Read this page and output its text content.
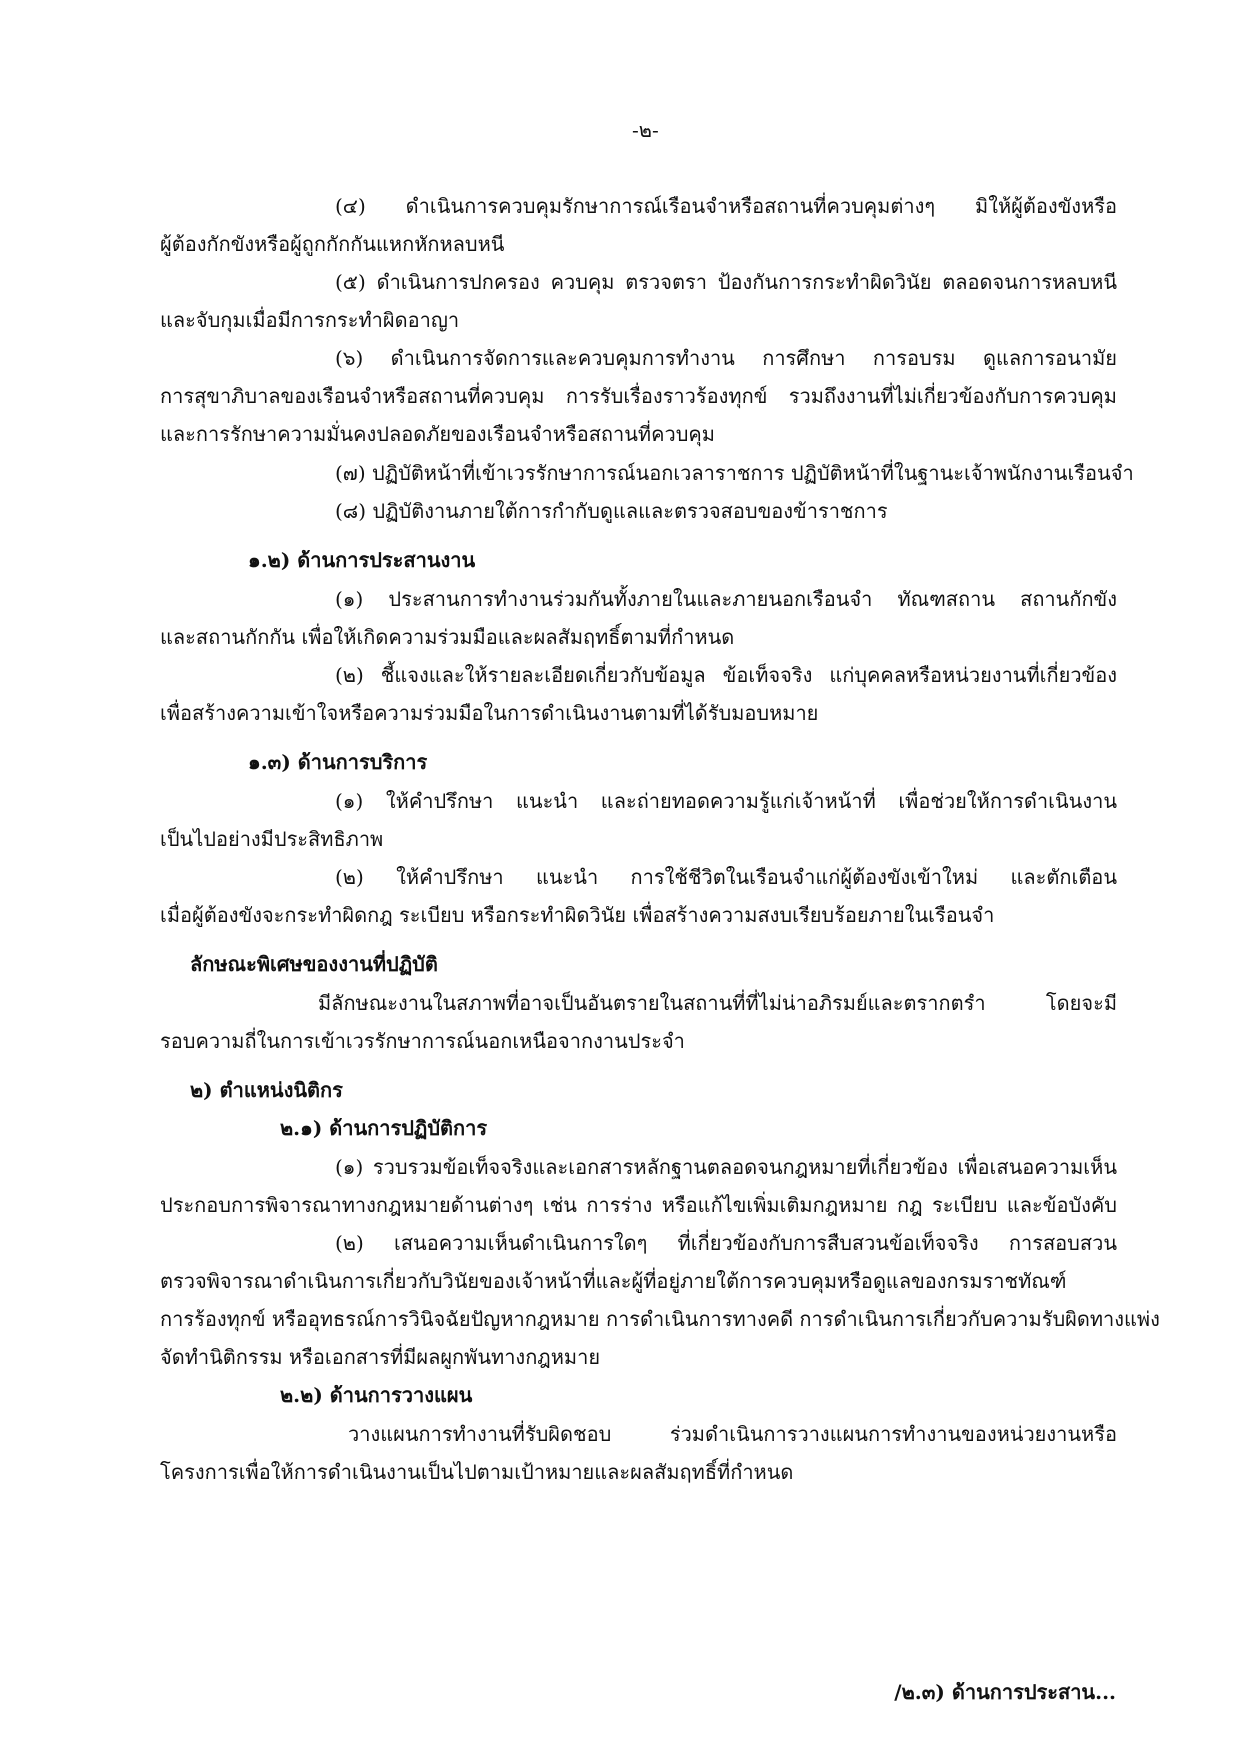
-๒-
(๔) ดำเนินการควบคุมรักษาการณ์เรือนจำหรือสถานที่ควบคุมต่างๆ มิให้ผู้ต้องขังหรือ
ผู้ต้องกักขังหรือผู้ถูกกักกันแหกหักหลบหนี
(๕) ดำเนินการปกครอง ควบคุม ตรวจตรา ป้องกันการกระทำผิดวินัย ตลอดจนการหลบหนี
และจับกุมเมื่อมีการกระทำผิดอาญา
(๖) ดำเนินการจัดการและควบคุมการทำงาน การศึกษา การอบรม ดูแลการอนามัย
การสุขาภิบาลของเรือนจำหรือสถานที่ควบคุม การรับเรื่องราวร้องทุกข์ รวมถึงงานที่ไม่เกี่ยวข้องกับการควบคุม
และการรักษาความมั่นคงปลอดภัยของเรือนจำหรือสถานที่ควบคุม
(๗) ปฏิบัติหน้าที่เข้าเวรรักษาการณ์นอกเวลาราชการ ปฏิบัติหน้าที่ในฐานะเจ้าพนักงานเรือนจำ
(๘) ปฏิบัติงานภายใต้การกำกับดูแลและตรวจสอบของข้าราชการ
๑.๒) ด้านการประสานงาน
(๑) ประสานการทำงานร่วมกันทั้งภายในและภายนอกเรือนจำ ทัณฑสถาน สถานกักขัง
และสถานกักกัน เพื่อให้เกิดความร่วมมือและผลสัมฤทธิ์ตามที่กำหนด
(๒) ชี้แจงและให้รายละเอียดเกี่ยวกับข้อมูล ข้อเท็จจริง แก่บุคคลหรือหน่วยงานที่เกี่ยวข้อง
เพื่อสร้างความเข้าใจหรือความร่วมมือในการดำเนินงานตามที่ได้รับมอบหมาย
๑.๓) ด้านการบริการ
(๑) ให้คำปรึกษา แนะนำ และถ่ายทอดความรู้แก่เจ้าหน้าที่ เพื่อช่วยให้การดำเนินงาน
เป็นไปอย่างมีประสิทธิภาพ
(๒) ให้คำปรึกษา แนะนำ การใช้ชีวิตในเรือนจำแก่ผู้ต้องขังเข้าใหม่ และตักเตือน
เมื่อผู้ต้องขังจะกระทำผิดกฎ ระเบียบ หรือกระทำผิดวินัย เพื่อสร้างความสงบเรียบร้อยภายในเรือนจำ
ลักษณะพิเศษของงานที่ปฏิบัติ
มีลักษณะงานในสภาพที่อาจเป็นอันตรายในสถานที่ที่ไม่น่าอภิรมย์และตรากตรำ โดยจะมี
รอบความถี่ในการเข้าเวรรักษาการณ์นอกเหนือจากงานประจำ
๒) ตำแหน่งนิติกร
๒.๑) ด้านการปฏิบัติการ
(๑) รวบรวมข้อเท็จจริงและเอกสารหลักฐานตลอดจนกฎหมายที่เกี่ยวข้อง เพื่อเสนอความเห็น
ประกอบการพิจารณาทางกฎหมายด้านต่างๆ เช่น การร่าง หรือแก้ไขเพิ่มเติมกฎหมาย กฎ ระเบียบ และข้อบังคับ
(๒) เสนอความเห็นดำเนินการใดๆ ที่เกี่ยวข้องกับการสืบสวนข้อเท็จจริง การสอบสวน
ตรวจพิจารณาดำเนินการเกี่ยวกับวินัยของเจ้าหน้าที่และผู้ที่อยู่ภายใต้การควบคุมหรือดูแลของกรมราชทัณฑ์
การร้องทุกข์ หรืออุทธรณ์การวินิจฉัยปัญหากฎหมาย การดำเนินการทางคดี การดำเนินการเกี่ยวกับความรับผิดทางแพ่ง
จัดทำนิติกรรม หรือเอกสารที่มีผลผูกพันทางกฎหมาย
๒.๒) ด้านการวางแผน
วางแผนการทำงานที่รับผิดชอบ ร่วมดำเนินการวางแผนการทำงานของหน่วยงานหรือ
โครงการเพื่อให้การดำเนินงานเป็นไปตามเป้าหมายและผลสัมฤทธิ์ที่กำหนด
/๒.๓) ด้านการประสาน...
